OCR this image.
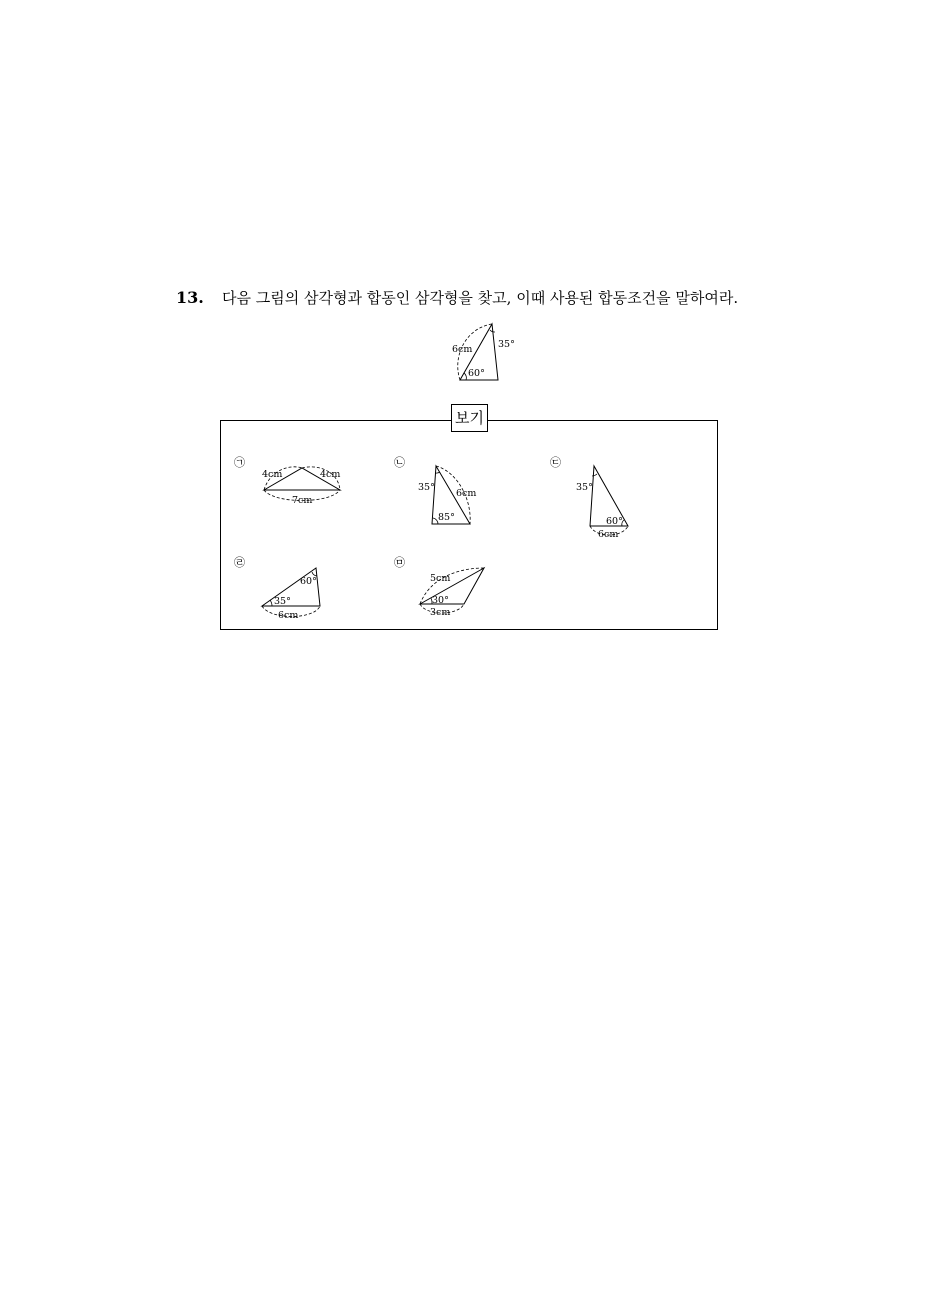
13. 다음 그림의 삼각형과 합동인 삼각형을 찾고, 이때 사용된 합동조건을 말하여라.
6cm	35°
60°
보기
㉠
4cm	4cm
7cm
㉡
35°
6cm
85°
㉢
35°
60°
6cm
㉣
60°
35°
6cm
㉤
5cm
30°
3cm
